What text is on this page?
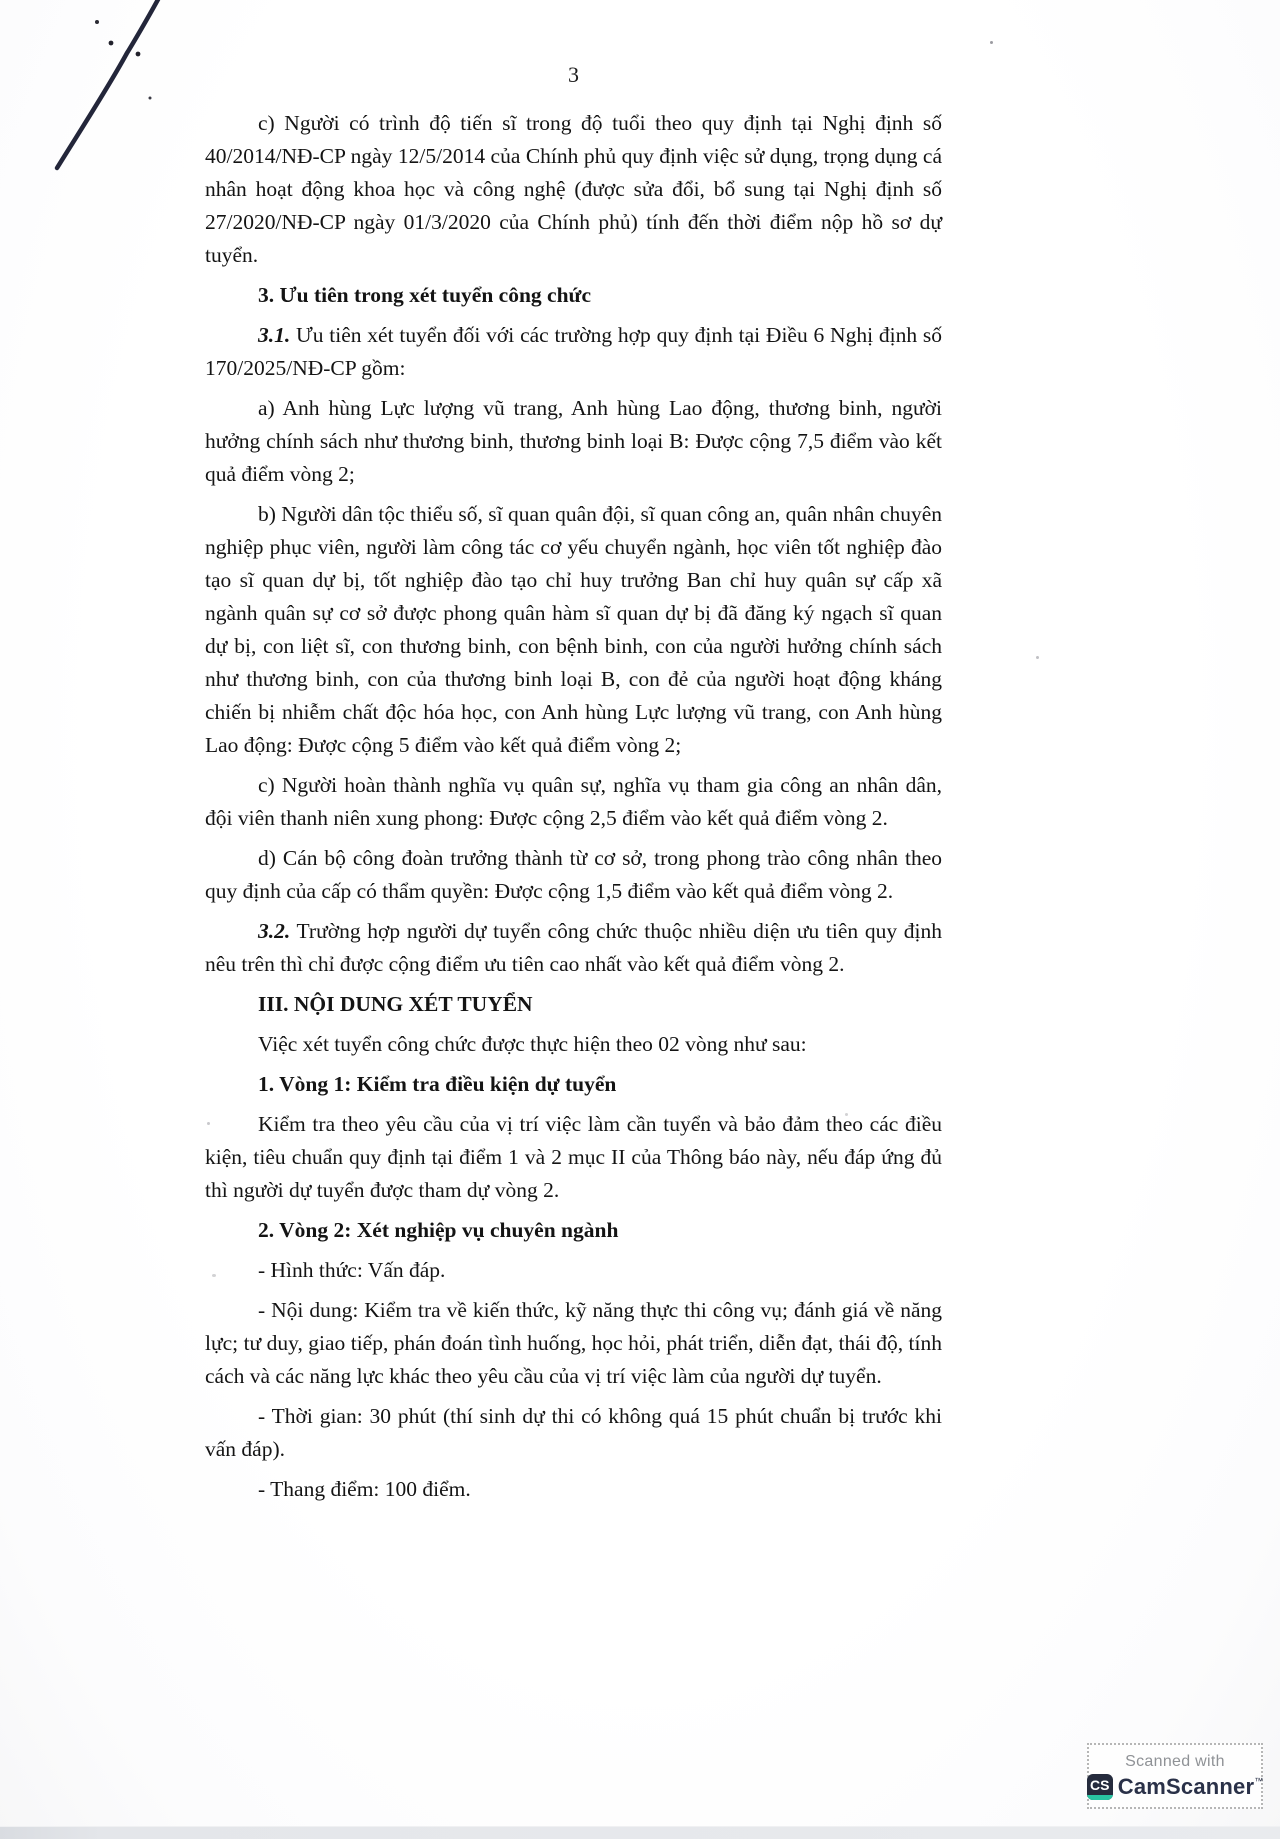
3

c) Người có trình độ tiến sĩ trong độ tuổi theo quy định tại Nghị định số 40/2014/NĐ-CP ngày 12/5/2014 của Chính phủ quy định việc sử dụng, trọng dụng cá nhân hoạt động khoa học và công nghệ (được sửa đổi, bổ sung tại Nghị định số 27/2020/NĐ-CP ngày 01/3/2020 của Chính phủ) tính đến thời điểm nộp hồ sơ dự tuyển.

3. Ưu tiên trong xét tuyển công chức

3.1. Ưu tiên xét tuyển đối với các trường hợp quy định tại Điều 6 Nghị định số 170/2025/NĐ-CP gồm:

a) Anh hùng Lực lượng vũ trang, Anh hùng Lao động, thương binh, người hưởng chính sách như thương binh, thương binh loại B: Được cộng 7,5 điểm vào kết quả điểm vòng 2;

b) Người dân tộc thiểu số, sĩ quan quân đội, sĩ quan công an, quân nhân chuyên nghiệp phục viên, người làm công tác cơ yếu chuyển ngành, học viên tốt nghiệp đào tạo sĩ quan dự bị, tốt nghiệp đào tạo chỉ huy trưởng Ban chỉ huy quân sự cấp xã ngành quân sự cơ sở được phong quân hàm sĩ quan dự bị đã đăng ký ngạch sĩ quan dự bị, con liệt sĩ, con thương binh, con bệnh binh, con của người hưởng chính sách như thương binh, con của thương binh loại B, con đẻ của người hoạt động kháng chiến bị nhiễm chất độc hóa học, con Anh hùng Lực lượng vũ trang, con Anh hùng Lao động: Được cộng 5 điểm vào kết quả điểm vòng 2;

c) Người hoàn thành nghĩa vụ quân sự, nghĩa vụ tham gia công an nhân dân, đội viên thanh niên xung phong: Được cộng 2,5 điểm vào kết quả điểm vòng 2.

d) Cán bộ công đoàn trưởng thành từ cơ sở, trong phong trào công nhân theo quy định của cấp có thẩm quyền: Được cộng 1,5 điểm vào kết quả điểm vòng 2.

3.2. Trường hợp người dự tuyển công chức thuộc nhiều diện ưu tiên quy định nêu trên thì chỉ được cộng điểm ưu tiên cao nhất vào kết quả điểm vòng 2.

III. NỘI DUNG XÉT TUYỂN

Việc xét tuyển công chức được thực hiện theo 02 vòng như sau:

1. Vòng 1: Kiểm tra điều kiện dự tuyển

Kiểm tra theo yêu cầu của vị trí việc làm cần tuyển và bảo đảm theo các điều kiện, tiêu chuẩn quy định tại điểm 1 và 2 mục II của Thông báo này, nếu đáp ứng đủ thì người dự tuyển được tham dự vòng 2.

2. Vòng 2: Xét nghiệp vụ chuyên ngành

- Hình thức: Vấn đáp.

- Nội dung: Kiểm tra về kiến thức, kỹ năng thực thi công vụ; đánh giá về năng lực; tư duy, giao tiếp, phán đoán tình huống, học hỏi, phát triển, diễn đạt, thái độ, tính cách và các năng lực khác theo yêu cầu của vị trí việc làm của người dự tuyển.

- Thời gian: 30 phút (thí sinh dự thi có không quá 15 phút chuẩn bị trước khi vấn đáp).

- Thang điểm: 100 điểm.

Scanned with
CS CamScanner ™
